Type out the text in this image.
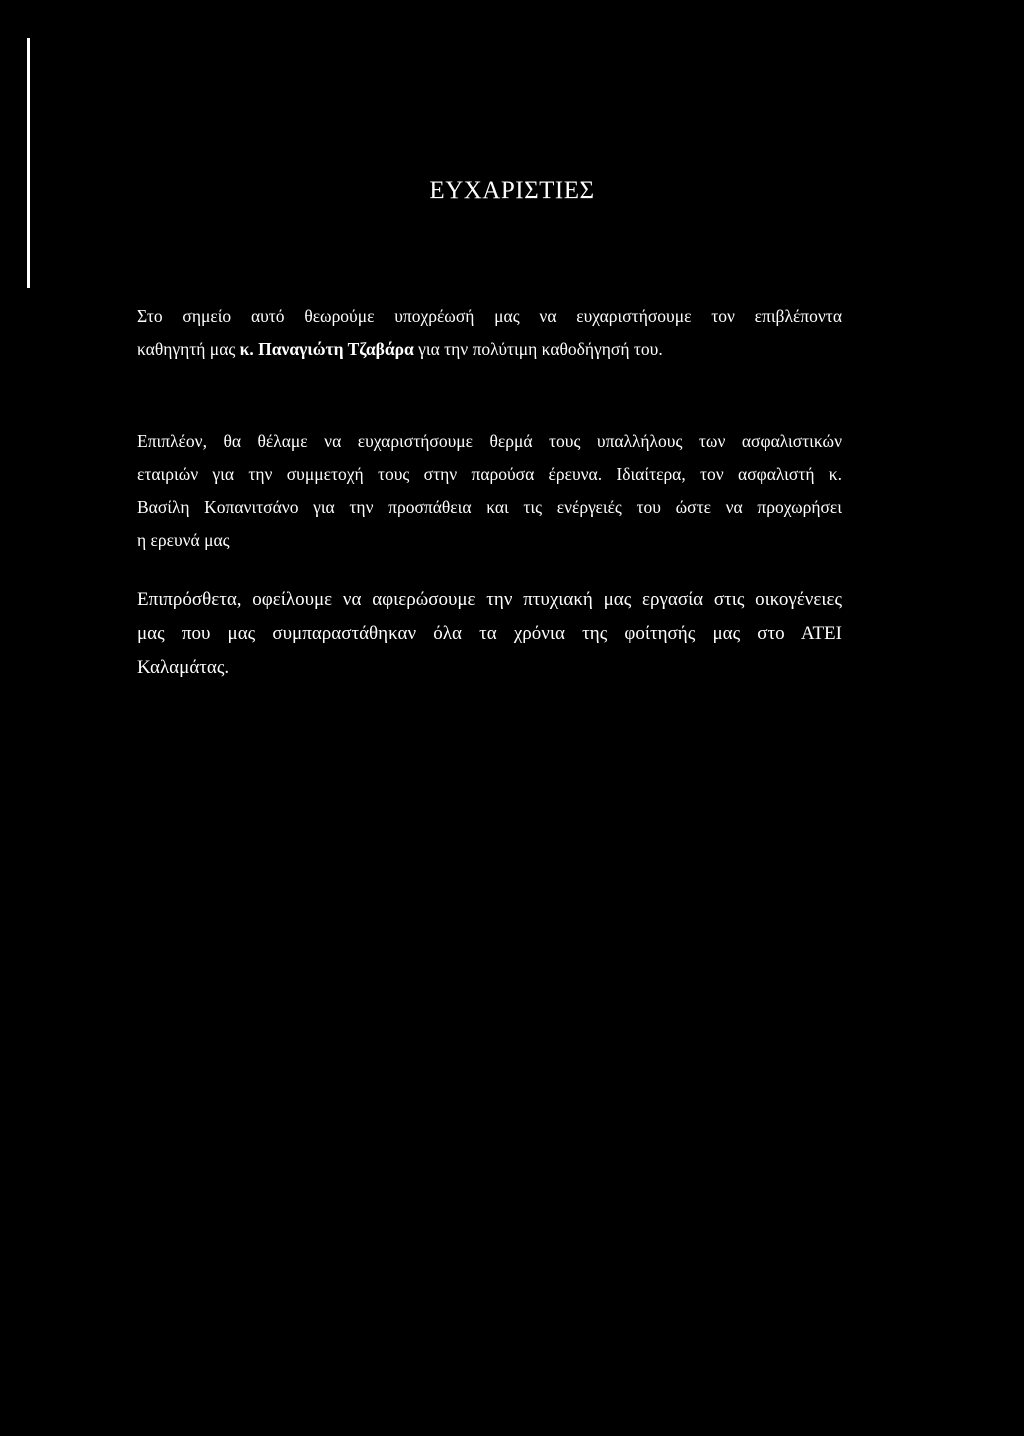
ΕΥΧΑΡΙΣΤΙΕΣ

Στο σημείο αυτό θεωρούμε υποχρέωσή μας να ευχαριστήσουμε τον επιβλέποντα
καθηγητή μας κ. Παναγιώτη Τζαβάρα για την πολύτιμη καθοδήγησή του.

Επιπλέον, θα θέλαμε να ευχαριστήσουμε θερμά τους υπαλλήλους των ασφαλιστικών
εταιριών για την συμμετοχή τους στην παρούσα έρευνα. Ιδιαίτερα, τον ασφαλιστή κ.
Βασίλη Κοπανιτσάνο για την προσπάθεια και τις ενέργειές του ώστε να προχωρήσει
η ερευνά μας

Επιπρόσθετα, οφείλουμε να αφιερώσουμε την πτυχιακή μας εργασία στις οικογένειες
μας που μας συμπαραστάθηκαν όλα τα χρόνια της φοίτησής μας στο ΑΤΕΙ
Καλαμάτας.
